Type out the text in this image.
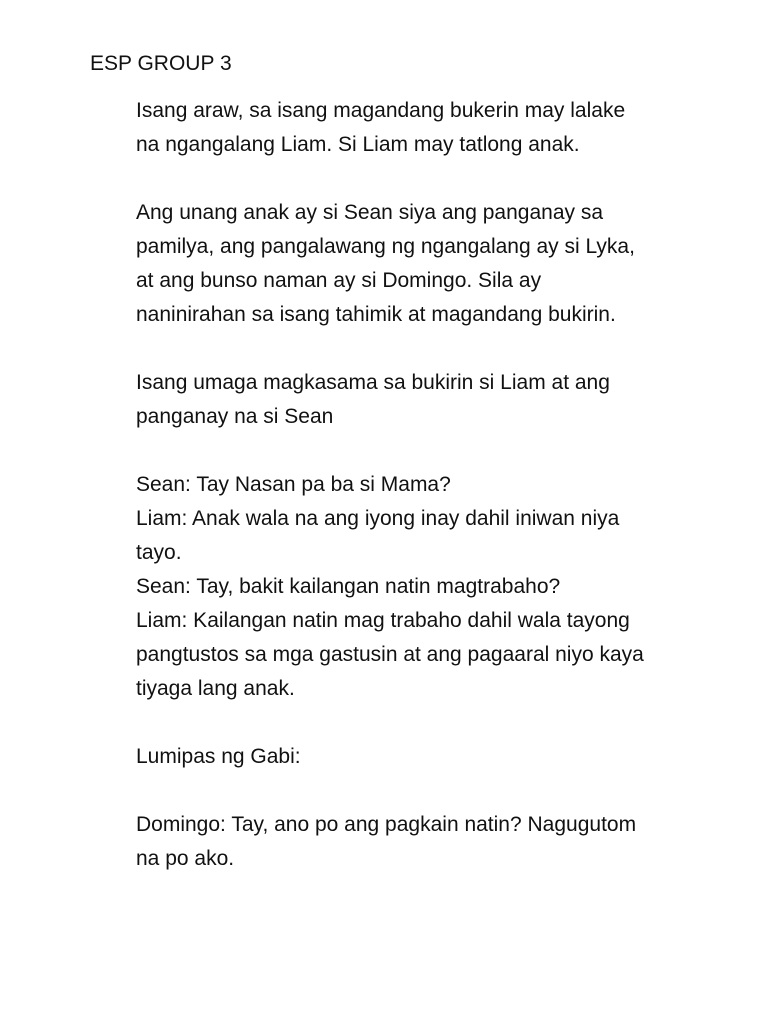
ESP GROUP 3

Isang araw, sa isang magandang bukerin may lalake
na ngangalang Liam. Si Liam may tatlong anak.

Ang unang anak ay si Sean siya ang panganay sa
pamilya, ang pangalawang ng ngangalang ay si Lyka,
at ang bunso naman ay si Domingo. Sila ay
naninirahan sa isang tahimik at magandang bukirin.

Isang umaga magkasama sa bukirin si Liam at ang
panganay na si Sean

Sean: Tay Nasan pa ba si Mama?

Liam: Anak wala na ang iyong inay dahil iniwan niya
tayo.

Sean: Tay, bakit kailangan natin magtrabaho?

Liam: Kailangan natin mag trabaho dahil wala tayong
pangtustos sa mga gastusin at ang pagaaral niyo kaya
tiyaga lang anak.

Lumipas ng Gabi:

Domingo: Tay, ano po ang pagkain natin? Nagugutom
na po ako.
